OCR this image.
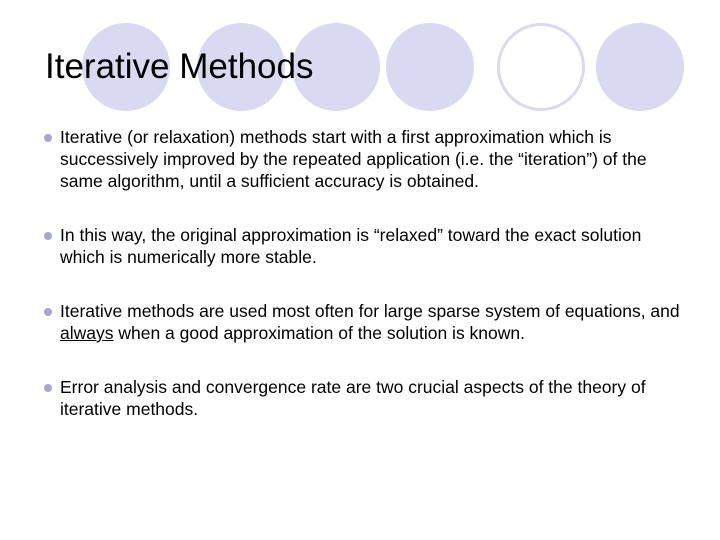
Iterative Methods
Iterative (or relaxation) methods start with a first approximation which is successively improved by the repeated application (i.e. the “iteration”) of the same algorithm, until a sufficient accuracy is obtained.
In this way, the original approximation is “relaxed” toward the exact solution which is numerically more stable.
Iterative methods are used most often for large sparse system of equations, and always when a good approximation of the solution is known.
Error analysis and convergence rate are two crucial aspects of the theory of iterative methods.
